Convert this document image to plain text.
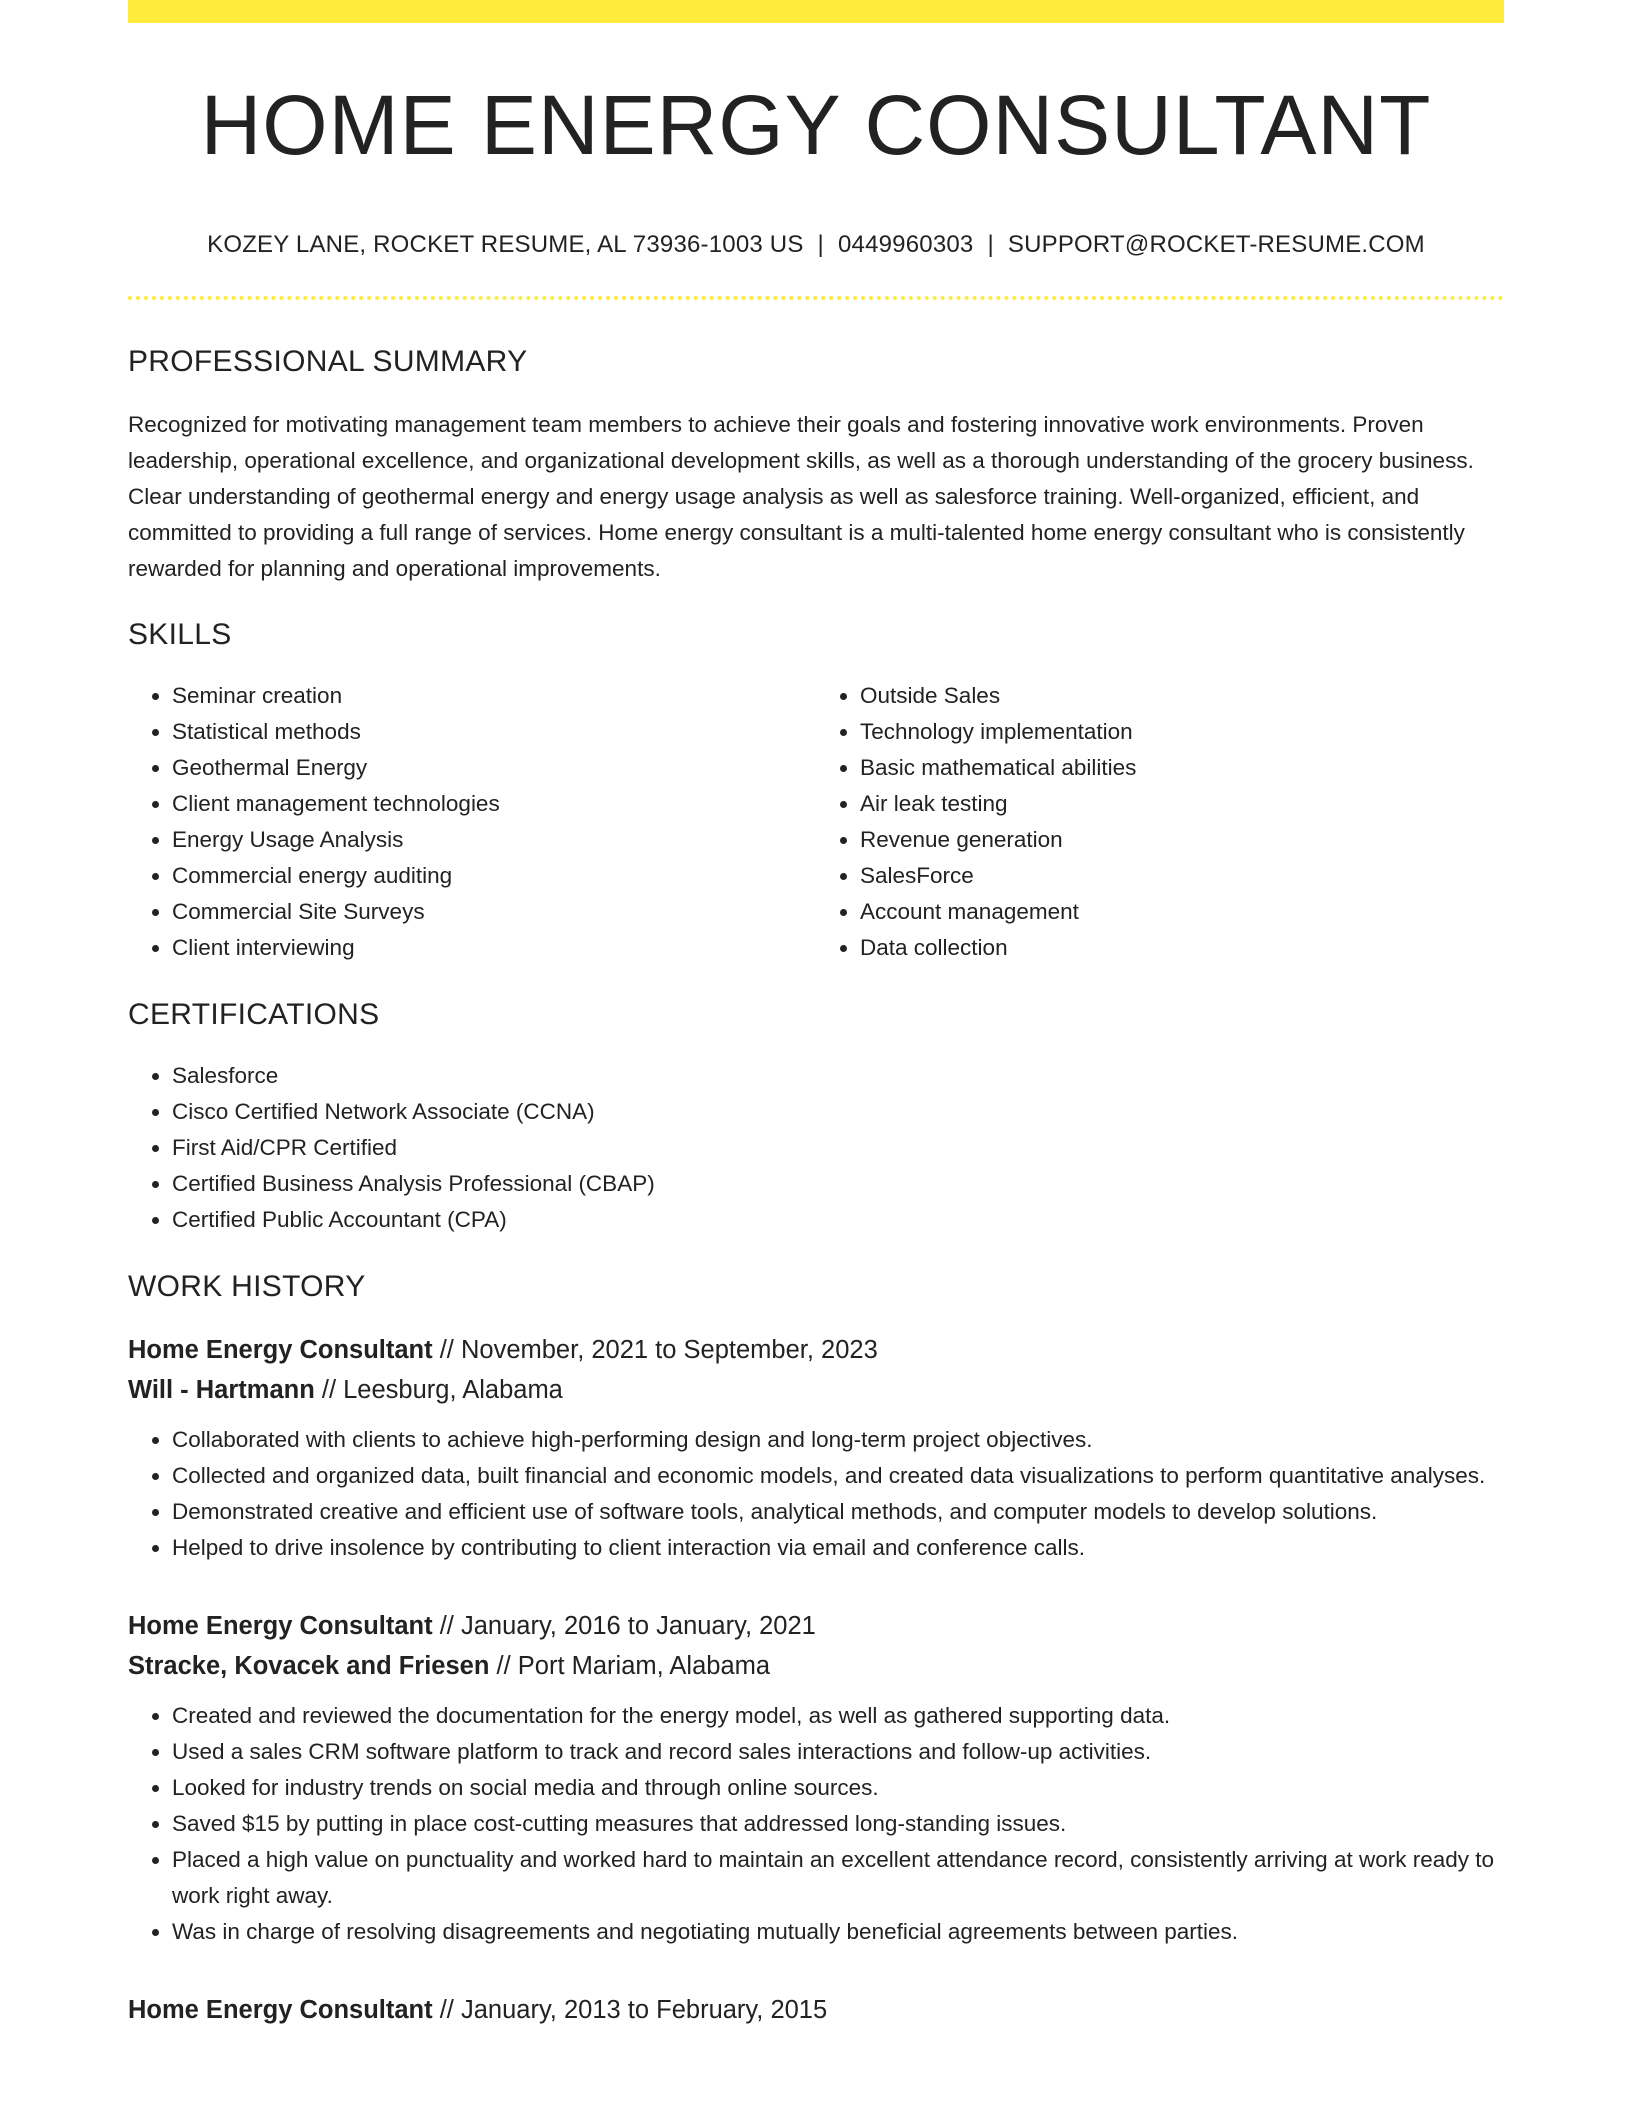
HOME ENERGY CONSULTANT
KOZEY LANE, ROCKET RESUME, AL 73936-1003 US | 0449960303 | SUPPORT@ROCKET-RESUME.COM
PROFESSIONAL SUMMARY

Recognized for motivating management team members to achieve their goals and fostering innovative work environments. Proven leadership, operational excellence, and organizational development skills, as well as a thorough understanding of the grocery business. Clear understanding of geothermal energy and energy usage analysis as well as salesforce training. Well-organized, efficient, and committed to providing a full range of services. Home energy consultant is a multi-talented home energy consultant who is consistently rewarded for planning and operational improvements.

SKILLS
• Seminar creation
• Statistical methods
• Geothermal Energy
• Client management technologies
• Energy Usage Analysis
• Commercial energy auditing
• Commercial Site Surveys
• Client interviewing
• Outside Sales
• Technology implementation
• Basic mathematical abilities
• Air leak testing
• Revenue generation
• SalesForce
• Account management
• Data collection
CERTIFICATIONS
• Salesforce
• Cisco Certified Network Associate (CCNA)
• First Aid/CPR Certified
• Certified Business Analysis Professional (CBAP)
• Certified Public Accountant (CPA)
WORK HISTORY
Home Energy Consultant // November, 2021 to September, 2023
Will - Hartmann // Leesburg, Alabama
• Collaborated with clients to achieve high-performing design and long-term project objectives.
• Collected and organized data, built financial and economic models, and created data visualizations to perform quantitative analyses.
• Demonstrated creative and efficient use of software tools, analytical methods, and computer models to develop solutions.
• Helped to drive insolence by contributing to client interaction via email and conference calls.
Home Energy Consultant // January, 2016 to January, 2021
Stracke, Kovacek and Friesen // Port Mariam, Alabama
• Created and reviewed the documentation for the energy model, as well as gathered supporting data.
• Used a sales CRM software platform to track and record sales interactions and follow-up activities.
• Looked for industry trends on social media and through online sources.
• Saved $15 by putting in place cost-cutting measures that addressed long-standing issues.
• Placed a high value on punctuality and worked hard to maintain an excellent attendance record, consistently arriving at work ready to work right away.
• Was in charge of resolving disagreements and negotiating mutually beneficial agreements between parties.
Home Energy Consultant // January, 2013 to February, 2015
